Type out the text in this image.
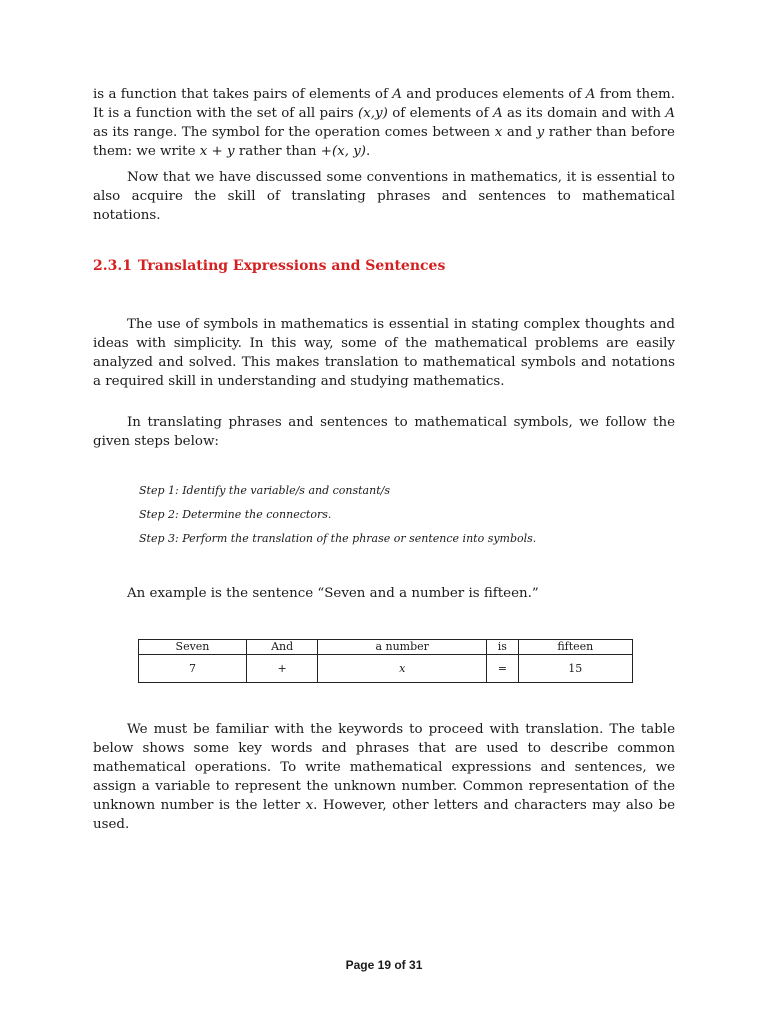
is a function that takes pairs of elements of A and produces elements of A from them. It is a function with the set of all pairs (x,y) of elements of A as its domain and with A as its range. The symbol for the operation comes between x and y rather than before them: we write x + y rather than +(x, y).

Now that we have discussed some conventions in mathematics, it is essential to also acquire the skill of translating phrases and sentences to mathematical notations.

2.3.1 Translating Expressions and Sentences

The use of symbols in mathematics is essential in stating complex thoughts and ideas with simplicity. In this way, some of the mathematical problems are easily analyzed and solved. This makes translation to mathematical symbols and notations a required skill in understanding and studying mathematics.

In translating phrases and sentences to mathematical symbols, we follow the given steps below:

Step 1: Identify the variable/s and constant/s
Step 2: Determine the connectors.
Step 3: Perform the translation of the phrase or sentence into symbols.

An example is the sentence “Seven and a number is fifteen.”

Seven	And	a number	is	fifteen
7	+	x	=	15

We must be familiar with the keywords to proceed with translation. The table below shows some key words and phrases that are used to describe common mathematical operations. To write mathematical expressions and sentences, we assign a variable to represent the unknown number. Common representation of the unknown number is the letter x. However, other letters and characters may also be used.

Page 19 of 31
